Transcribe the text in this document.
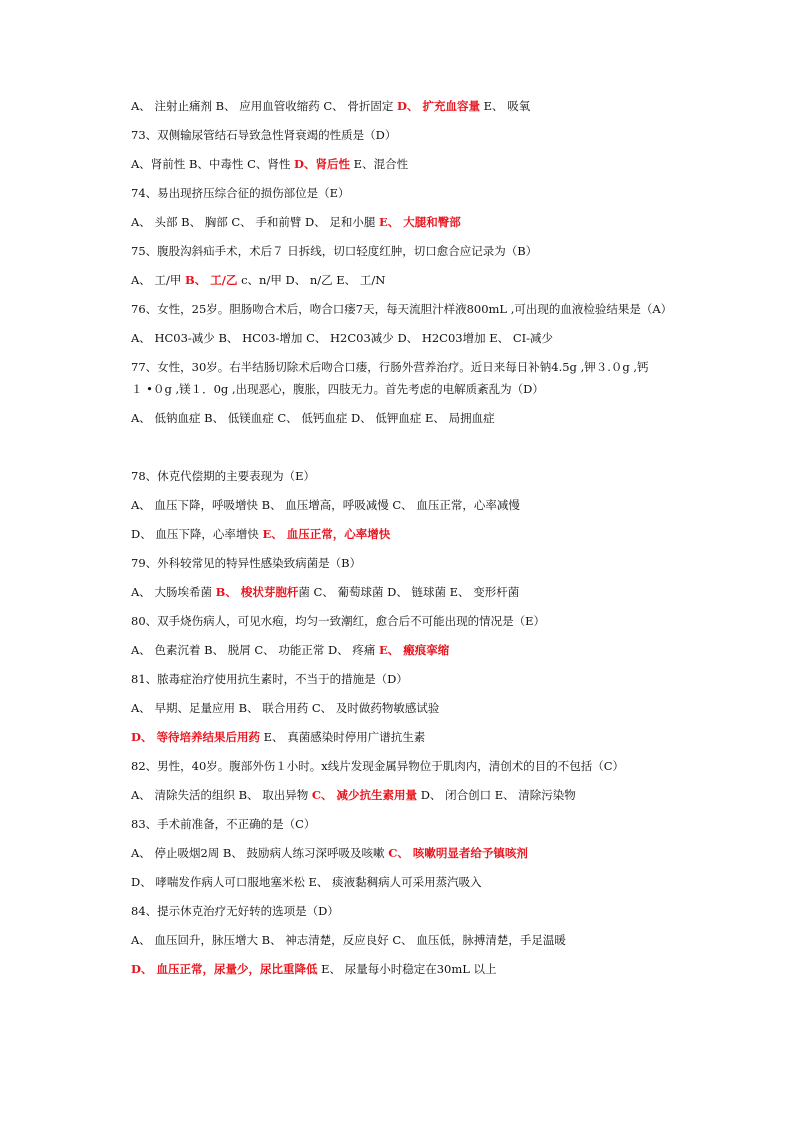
A、 注射止痛剂 B、 应用血管收缩药 C、 骨折固定 D、 扩充血容量 E、 吸氧
73、双侧输尿管结石导致急性肾衰竭的性质是（D）
A、肾前性 B、中毒性 C、肾性 D、肾后性 E、混合性
74、易出现挤压综合征的损伤部位是（E）
A、 头部 B、 胸部 C、 手和前臂 D、 足和小腿 E、 大腿和臀部
75、腹股沟斜疝手术，术后７ 日拆线，切口轻度红肿，切口愈合应记录为（B）
A、 工/甲 B、 工/乙 c、n/甲 D、 n/乙 E、 工/N
76、女性，25岁。胆肠吻合术后，吻合口瘘7天，每天流胆汁样液800mL ,可出现的血液检验结果是（A）
A、 HC03-减少 B、 HC03-增加 C、 H2C03减少 D、 H2C03增加 E、 CI-减少
77、女性，30岁。右半结肠切除术后吻合口瘘，行肠外营养治疗。近日来每日补钠4.5g ,钾３.０g ,钙
１ •０g ,镁１．0g ,出现恶心，腹胀，四肢无力。首先考虑的电解质紊乱为（D）
A、 低钠血症 B、 低镁血症 C、 低钙血症 D、 低钾血症 E、 局拥血症
78、休克代偿期的主要表现为（E）
A、 血压下降，呼吸增快 B、 血压增高，呼吸减慢 C、 血压正常，心率减慢
D、 血压下降，心率增快 E、 血压正常，心率增快
79、外科较常见的特异性感染致病菌是（B）
A、 大肠埃希菌 B、 梭状芽胞杆菌 C、 葡萄球菌 D、 链球菌 E、 变形杆菌
80、双手烧伤病人，可见水疱，均匀一致潮红，愈合后不可能出现的情况是（E）
A、 色素沉着 B、 脱屑 C、 功能正常 D、 疼痛 E、 瘢痕挛缩
81、脓毒症治疗使用抗生素时，不当于的措施是（D）
A、 早期、足量应用 B、 联合用药 C、 及时做药物敏感试验
D、 等待培养结果后用药 E、 真菌感染时停用广谱抗生素
82、男性，40岁。腹部外伤１小时。x线片发现金属异物位于肌肉内，清创术的目的不包括（C）
A、 清除失活的组织 B、 取出异物 C、 减少抗生素用量 D、 闭合创口 E、 清除污染物
83、手术前准备，不正确的是（C）
A、 停止吸烟2周 B、 鼓励病人练习深呼吸及咳嗽 C、 咳嗽明显者给予镇咳剂
D、 哮喘发作病人可口服地塞米松 E、 痰液黏稠病人可采用蒸汽吸入
84、提示休克治疗无好转的选项是（D）
A、 血压回升，脉压增大 B、 神志清楚，反应良好 C、 血压低，脉搏清楚，手足温暖
D、 血压正常，尿量少，尿比重降低 E、 尿量每小时稳定在30mL 以上
